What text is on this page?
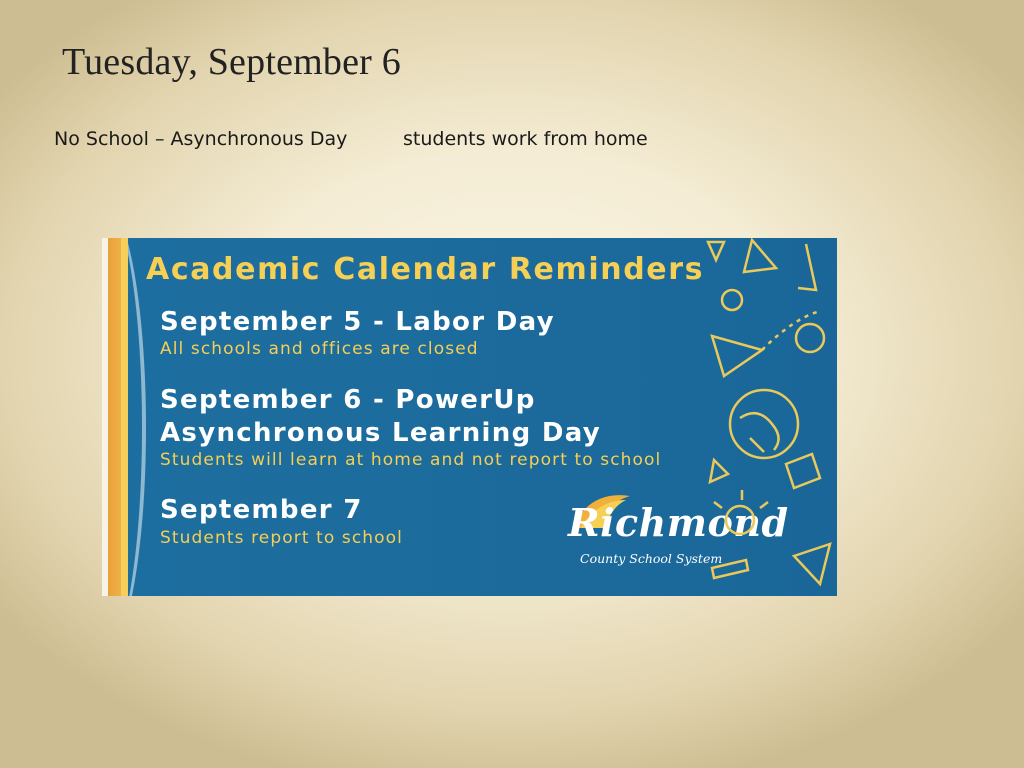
Tuesday, September 6
No School – Asynchronous Day	students work from home
Academic Calendar Reminders
September 5 - Labor Day
All schools and offices are closed
September 6 - PowerUp
Asynchronous Learning Day
Students will learn at home and not report to school
September 7
Students report to school	Richmond
County School System
